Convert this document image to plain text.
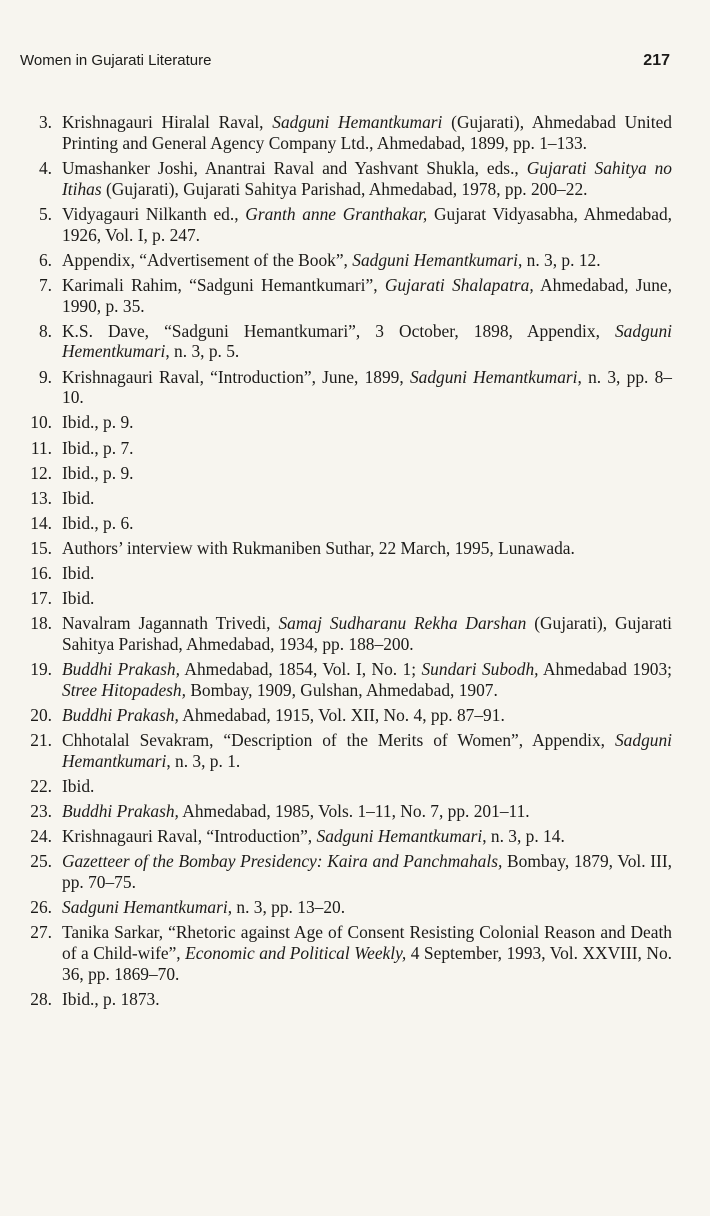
Women in Gujarati Literature	217
3. Krishnagauri Hiralal Raval, Sadguni Hemantkumari (Gujarati), Ahmedabad United Printing and General Agency Company Ltd., Ahmedabad, 1899, pp. 1–133.
4. Umashanker Joshi, Anantrai Raval and Yashvant Shukla, eds., Gujarati Sahitya no Itihas (Gujarati), Gujarati Sahitya Parishad, Ahmedabad, 1978, pp. 200–22.
5. Vidyagauri Nilkanth ed., Granth anne Granthakar, Gujarat Vidyasabha, Ahmedabad, 1926, Vol. I, p. 247.
6. Appendix, “Advertisement of the Book”, Sadguni Hemantkumari, n. 3, p. 12.
7. Karimali Rahim, “Sadguni Hemantkumari”, Gujarati Shalapatra, Ahmedabad, June, 1990, p. 35.
8. K.S. Dave, “Sadguni Hemantkumari”, 3 October, 1898, Appendix, Sadguni Hementkumari, n. 3, p. 5.
9. Krishnagauri Raval, “Introduction”, June, 1899, Sadguni Hemantkumari, n. 3, pp. 8–10.
10. Ibid., p. 9.
11. Ibid., p. 7.
12. Ibid., p. 9.
13. Ibid.
14. Ibid., p. 6.
15. Authors’ interview with Rukmaniben Suthar, 22 March, 1995, Lunawada.
16. Ibid.
17. Ibid.
18. Navalram Jagannath Trivedi, Samaj Sudharanu Rekha Darshan (Gujarati), Gujarati Sahitya Parishad, Ahmedabad, 1934, pp. 188–200.
19. Buddhi Prakash, Ahmedabad, 1854, Vol. I, No. 1; Sundari Subodh, Ahmedabad 1903; Stree Hitopadesh, Bombay, 1909, Gulshan, Ahmedabad, 1907.
20. Buddhi Prakash, Ahmedabad, 1915, Vol. XII, No. 4, pp. 87–91.
21. Chhotalal Sevakram, “Description of the Merits of Women”, Appendix, Sadguni Hemantkumari, n. 3, p. 1.
22. Ibid.
23. Buddhi Prakash, Ahmedabad, 1985, Vols. 1–11, No. 7, pp. 201–11.
24. Krishnagauri Raval, “Introduction”, Sadguni Hemantkumari, n. 3, p. 14.
25. Gazetteer of the Bombay Presidency: Kaira and Panchmahals, Bombay, 1879, Vol. III, pp. 70–75.
26. Sadguni Hemantkumari, n. 3, pp. 13–20.
27. Tanika Sarkar, “Rhetoric against Age of Consent Resisting Colonial Reason and Death of a Child-wife”, Economic and Political Weekly, 4 September, 1993, Vol. XXVIII, No. 36, pp. 1869–70.
28. Ibid., p. 1873.
